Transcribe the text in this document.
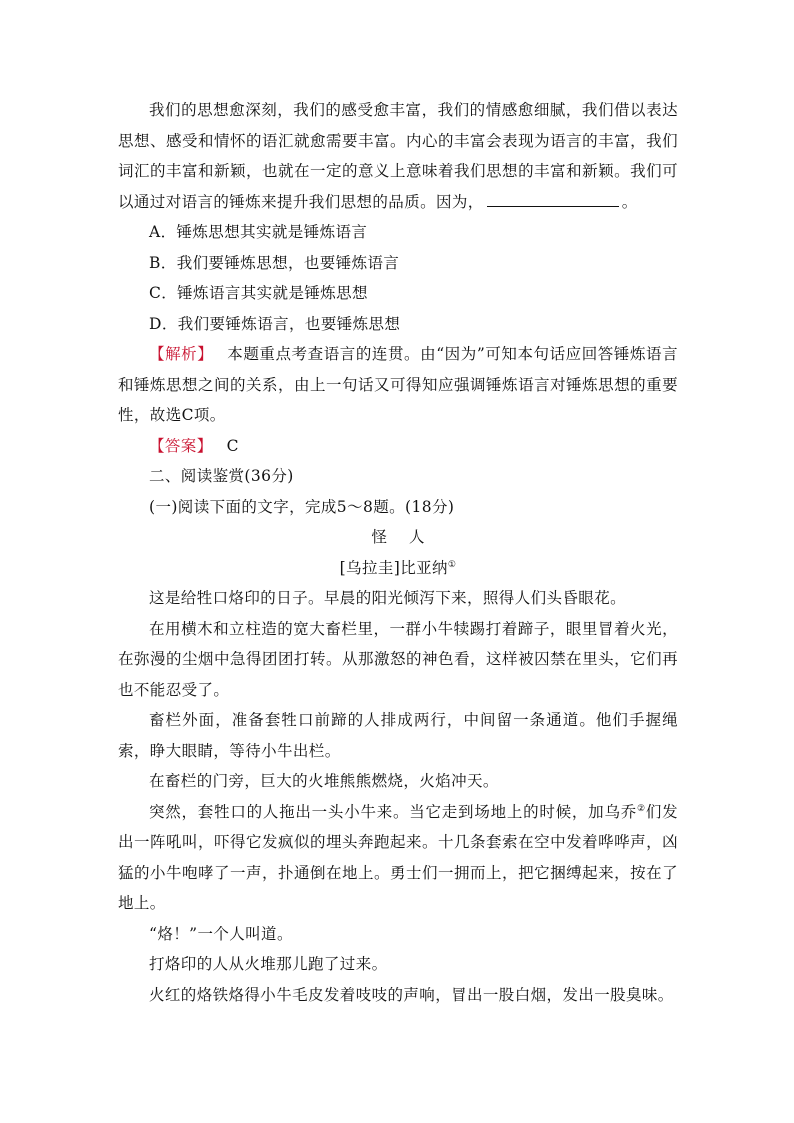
我们的思想愈深刻，我们的感受愈丰富，我们的情感愈细腻，我们借以表达思想、感受和情怀的语汇就愈需要丰富。内心的丰富会表现为语言的丰富，我们词汇的丰富和新颖，也就在一定的意义上意味着我们思想的丰富和新颖。我们可以通过对语言的锤炼来提升我们思想的品质。因为，	。

A．锤炼思想其实就是锤炼语言

B．我们要锤炼思想，也要锤炼语言

C．锤炼语言其实就是锤炼思想

D．我们要锤炼语言，也要锤炼思想

【解析】 本题重点考查语言的连贯。由“因为”可知本句话应回答锤炼语言和锤炼思想之间的关系，由上一句话又可得知应强调锤炼语言对锤炼思想的重要性，故选C项。

【答案】 C

二、阅读鉴赏(36分)

(一)阅读下面的文字，完成5～8题。(18分)

怪人

[乌拉圭]比亚纳①

这是给牲口烙印的日子。早晨的阳光倾泻下来，照得人们头昏眼花。

在用横木和立柱造的宽大畜栏里，一群小牛犊踢打着蹄子，眼里冒着火光，在弥漫的尘烟中急得团团打转。从那激怒的神色看，这样被囚禁在里头，它们再也不能忍受了。

畜栏外面，准备套牲口前蹄的人排成两行，中间留一条通道。他们手握绳索，睁大眼睛，等待小牛出栏。

在畜栏的门旁，巨大的火堆熊熊燃烧，火焰冲天。

突然，套牲口的人拖出一头小牛来。当它走到场地上的时候，加乌乔②们发出一阵吼叫，吓得它发疯似的埋头奔跑起来。十几条套索在空中发着哗哗声，凶猛的小牛咆哮了一声，扑通倒在地上。勇士们一拥而上，把它捆缚起来，按在了地上。

“烙！”一个人叫道。

打烙印的人从火堆那儿跑了过来。

火红的烙铁烙得小牛毛皮发着吱吱的声响，冒出一股白烟，发出一股臭味。
